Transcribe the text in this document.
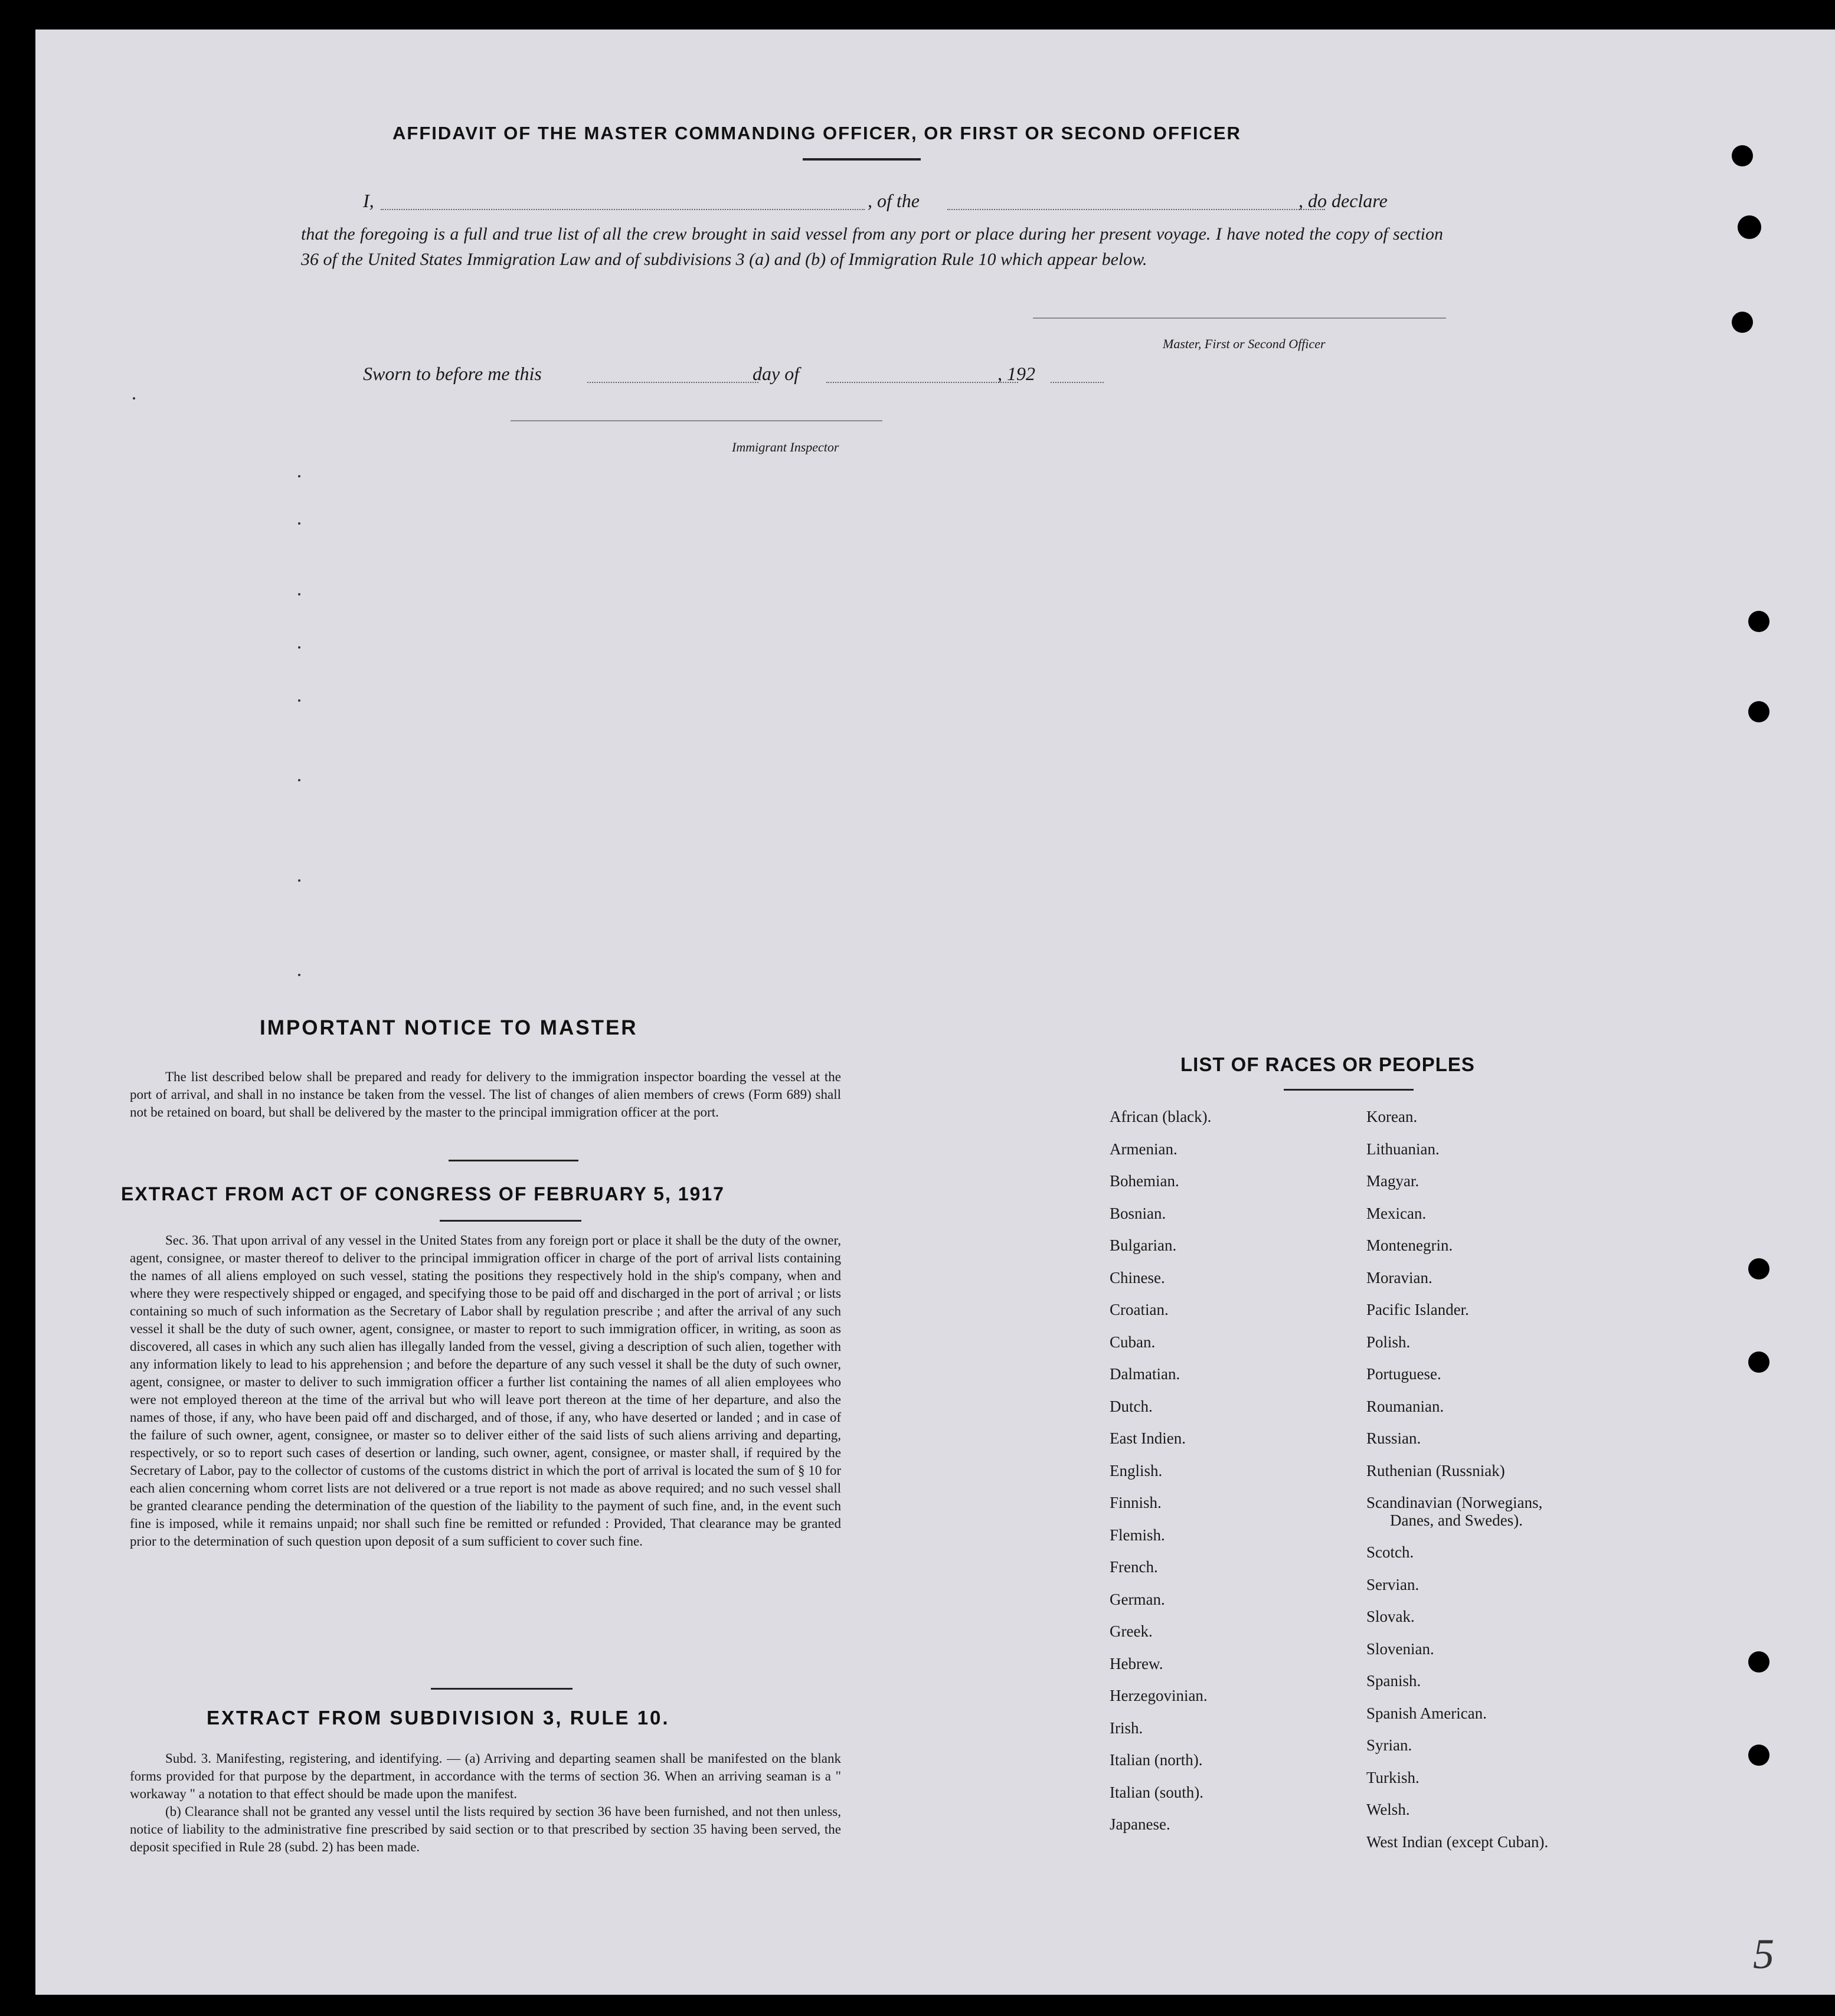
AFFIDAVIT OF THE MASTER COMMANDING OFFICER, OR FIRST OR SECOND OFFICER
I,	, of the	, do declare
that the foregoing is a full and true list of all the crew brought in said vessel from any port or place during her present voyage. I have noted the copy of section 36 of the United States Immigration Law and of subdivisions 3 (a) and (b) of Immigration Rule 10 which appear below.
Master, First or Second Officer
Sworn to before me this	day of	, 192
Immigrant Inspector
IMPORTANT NOTICE TO MASTER

The list described below shall be prepared and ready for delivery to the immigration inspector boarding the vessel at the port of arrival, and shall in no instance be taken from the vessel. The list of changes of alien members of crews (Form 689) shall not be retained on board, but shall be delivered by the master to the principal immigration officer at the port.

EXTRACT FROM ACT OF CONGRESS OF FEBRUARY 5, 1917

Sec. 36. That upon arrival of any vessel in the United States from any foreign port or place it shall be the duty of the owner, agent, consignee, or master thereof to deliver to the principal immigration officer in charge of the port of arrival lists containing the names of all aliens employed on such vessel, stating the positions they respectively hold in the ship's company, when and where they were respectively shipped or engaged, and specifying those to be paid off and discharged in the port of arrival ; or lists containing so much of such information as the Secretary of Labor shall by regulation prescribe ; and after the arrival of any such vessel it shall be the duty of such owner, agent, consignee, or master to report to such immigration officer, in writing, as soon as discovered, all cases in which any such alien has illegally landed from the vessel, giving a description of such alien, together with any information likely to lead to his apprehension ; and before the departure of any such vessel it shall be the duty of such owner, agent, consignee, or master to deliver to such immigration officer a further list containing the names of all alien employees who were not employed thereon at the time of the arrival but who will leave port thereon at the time of her departure, and also the names of those, if any, who have been paid off and discharged, and of those, if any, who have deserted or landed ; and in case of the failure of such owner, agent, consignee, or master so to deliver either of the said lists of such aliens arriving and departing, respectively, or so to report such cases of desertion or landing, such owner, agent, consignee, or master shall, if required by the Secretary of Labor, pay to the collector of customs of the customs district in which the port of arrival is located the sum of § 10 for each alien concerning whom corret lists are not delivered or a true report is not made as above required; and no such vessel shall be granted clearance pending the determination of the question of the liability to the payment of such fine, and, in the event such fine is imposed, while it remains unpaid; nor shall such fine be remitted or refunded : Provided, That clearance may be granted prior to the determination of such question upon deposit of a sum sufficient to cover such fine.

EXTRACT FROM SUBDIVISION 3, RULE 10.

Subd. 3. Manifesting, registering, and identifying. — (a) Arriving and departing seamen shall be manifested on the blank forms provided for that purpose by the department, in accordance with the terms of section 36. When an arriving seaman is a " workaway " a notation to that effect should be made upon the manifest.

(b) Clearance shall not be granted any vessel until the lists required by section 36 have been furnished, and not then unless, notice of liability to the administrative fine prescribed by said section or to that prescribed by section 35 having been served, the deposit specified in Rule 28 (subd. 2) has been made.

LIST OF RACES OR PEOPLES
African (black).
Armenian.
Bohemian.
Bosnian.
Bulgarian.
Chinese.
Croatian.
Cuban.
Dalmatian.
Dutch.
East Indien.
English.
Finnish.
Flemish.
French.
German.
Greek.
Hebrew.
Herzegovinian.
Irish.
Italian (north).
Italian (south).
Japanese.
Korean.
Lithuanian.
Magyar.
Mexican.
Montenegrin.
Moravian.
Pacific Islander.
Polish.
Portuguese.
Roumanian.
Russian.
Ruthenian (Russniak)
Scandinavian (Norwegians,
Danes, and Swedes).
Scotch.
Servian.
Slovak.
Slovenian.
Spanish.
Spanish American.
Syrian.
Turkish.
Welsh.
West Indian (except Cuban).
5
